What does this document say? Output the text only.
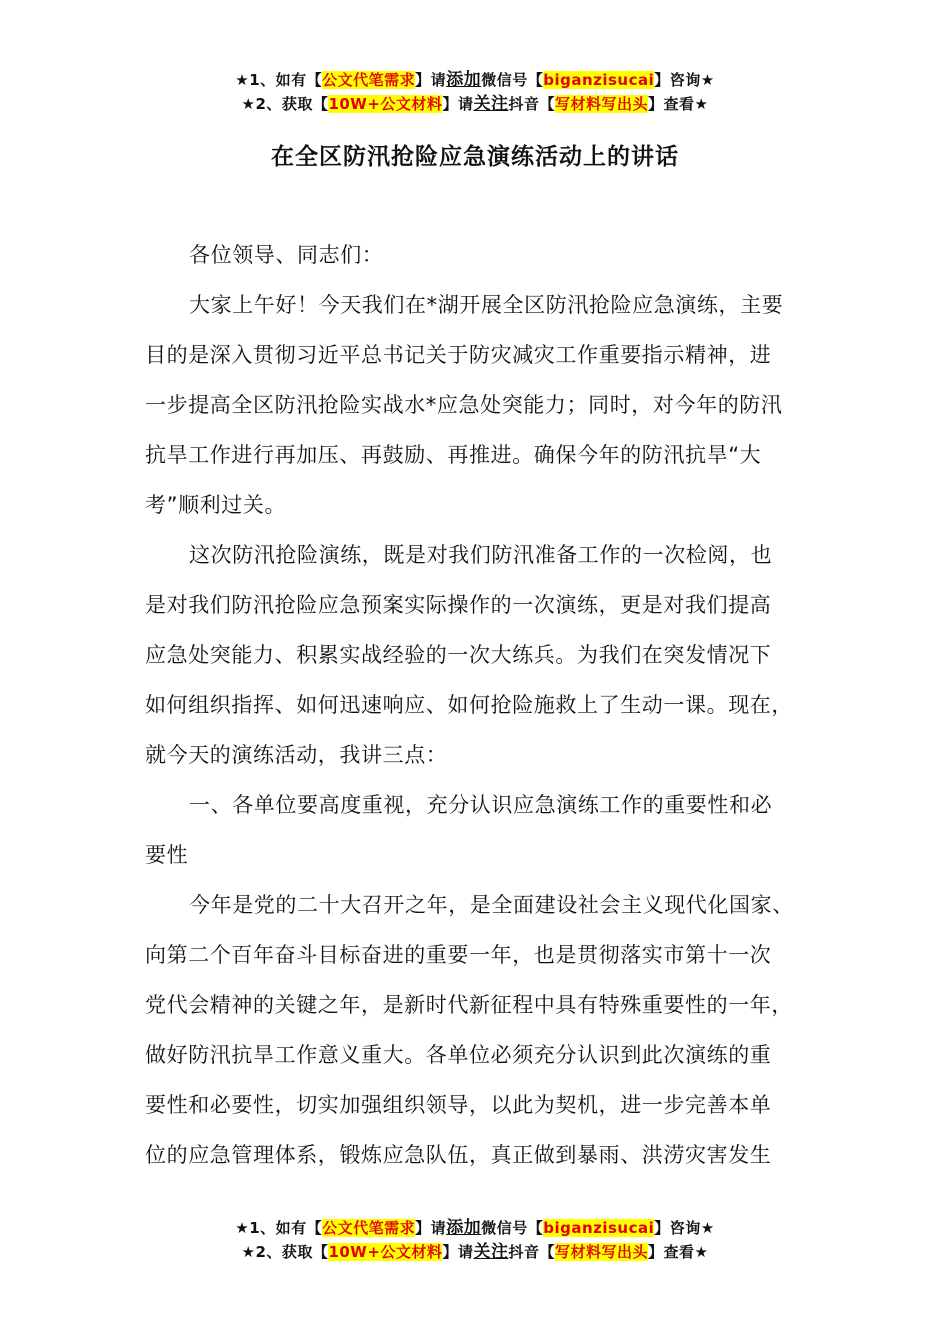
★1、如有【公文代笔需求】请添加微信号【biganzisucai】咨询★
★2、获取【10W+公文材料】请关注抖音【写材料写出头】查看★
在全区防汛抢险应急演练活动上的讲话

各位领导、同志们：

大家上午好！今天我们在*湖开展全区防汛抢险应急演练，主要

目的是深入贯彻习近平总书记关于防灾减灾工作重要指示精神，进

一步提高全区防汛抢险实战水*应急处突能力；同时，对今年的防汛

抗旱工作进行再加压、再鼓励、再推进。确保今年的防汛抗旱“大

考”顺利过关。

这次防汛抢险演练，既是对我们防汛准备工作的一次检阅，也

是对我们防汛抢险应急预案实际操作的一次演练，更是对我们提高

应急处突能力、积累实战经验的一次大练兵。为我们在突发情况下

如何组织指挥、如何迅速响应、如何抢险施救上了生动一课。现在，

就今天的演练活动，我讲三点：

一、各单位要高度重视，充分认识应急演练工作的重要性和必

要性

今年是党的二十大召开之年，是全面建设社会主义现代化国家、

向第二个百年奋斗目标奋进的重要一年，也是贯彻落实市第十一次

党代会精神的关键之年，是新时代新征程中具有特殊重要性的一年，

做好防汛抗旱工作意义重大。各单位必须充分认识到此次演练的重

要性和必要性，切实加强组织领导，以此为契机，进一步完善本单

位的应急管理体系，锻炼应急队伍，真正做到暴雨、洪涝灾害发生

★1、如有【公文代笔需求】请添加微信号【biganzisucai】咨询★
★2、获取【10W+公文材料】请关注抖音【写材料写出头】查看★
